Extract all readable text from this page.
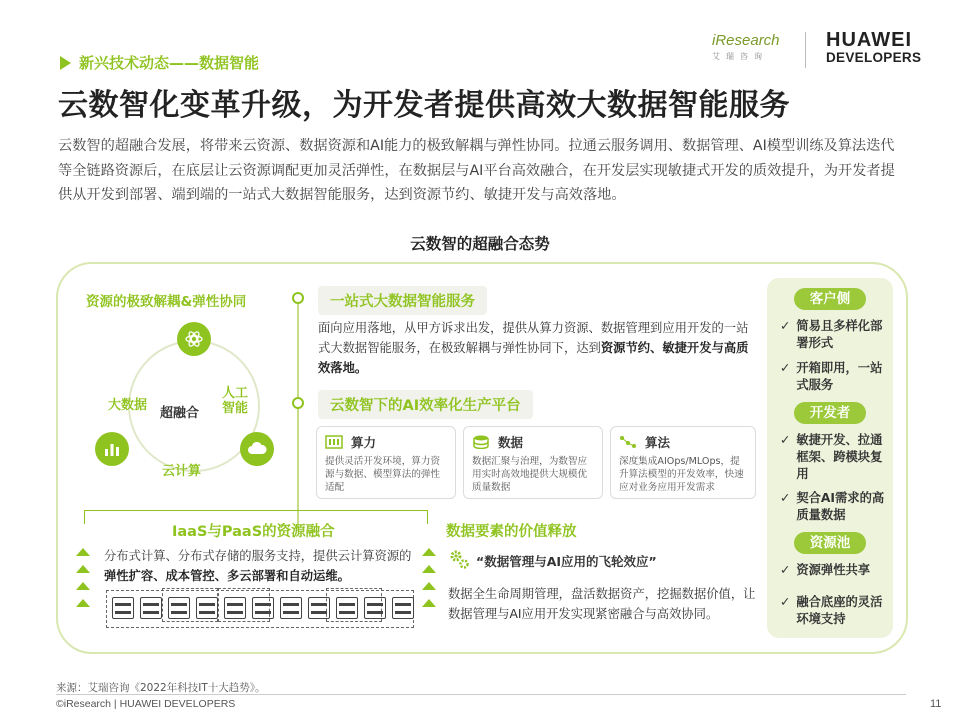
新兴技术动态——数据智能
iResearch
艾瑞咨询
HUAWEI
DEVELOPERS
云数智化变革升级，为开发者提供高效大数据智能服务
云数智的超融合发展，将带来云资源、数据资源和AI能力的极致解耦与弹性协同。拉通云服务调用、数据管理、AI模型训练及算法迭代等全链路资源后，在底层让云资源调配更加灵活弹性，在数据层与AI平台高效融合，在开发层实现敏捷式开发的质效提升，为开发者提供从开发到部署、端到端的一站式大数据智能服务，达到资源节约、敏捷开发与高效落地。
云数智的超融合态势
资源的极致解耦&弹性协同
大数据
人工
智能
云计算
超融合
一站式大数据智能服务
面向应用落地，从甲方诉求出发，提供从算力资源、数据管理到应用开发的一站式大数据智能服务，在极致解耦与弹性协同下，达到资源节约、敏捷开发与高质效落地。
云数智下的AI效率化生产平台
算力
提供灵活开发环境，算力资源与数据、模型算法的弹性适配
数据
数据汇聚与治理，为数智应用实时高效地提供大规模优质量数据
算法
深度集成AIOps/MLOps，提升算法模型的开发效率，快速应对业务应用开发需求
客户侧
✓ 简易且多样化部署形式
✓ 开箱即用，一站式服务
开发者
✓ 敏捷开发、拉通框架、跨模块复用
✓ 契合AI需求的高质量数据
资源池
✓ 资源弹性共享
✓ 融合底座的灵活环境支持
IaaS与PaaS的资源融合
分布式计算、分布式存储的服务支持，提供云计算资源的弹性扩容、成本管控、多云部署和自动运维。
数据要素的价值释放
“数据管理与AI应用的飞轮效应”
数据全生命周期管理，盘活数据资产，挖掘数据价值，让数据管理与AI应用开发实现紧密融合与高效协同。
来源：艾瑞咨询《2022年科技IT十大趋势》。
©iResearch | HUAWEI DEVELOPERS	11
